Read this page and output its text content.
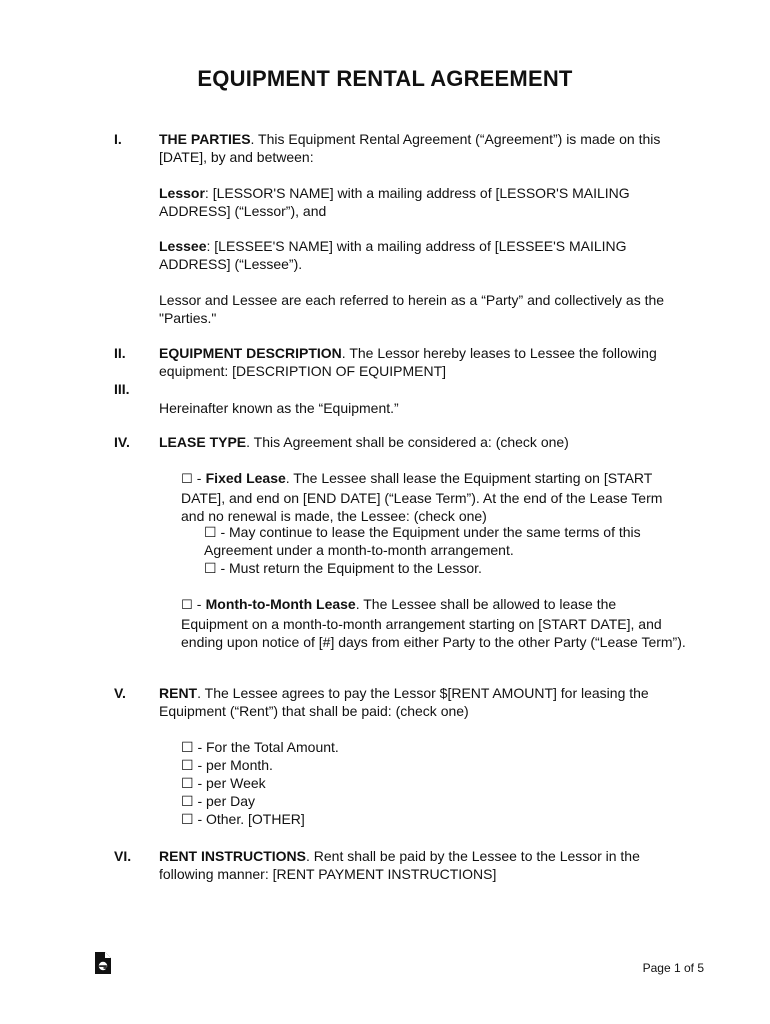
EQUIPMENT RENTAL AGREEMENT
I.	THE PARTIES. This Equipment Rental Agreement (“Agreement”) is made on this [DATE], by and between:
Lessor: [LESSOR'S NAME] with a mailing address of [LESSOR'S MAILING ADDRESS] (“Lessor”), and
Lessee: [LESSEE'S NAME] with a mailing address of [LESSEE'S MAILING ADDRESS] (“Lessee”).
Lessor and Lessee are each referred to herein as a “Party” and collectively as the "Parties."
II.
III.
EQUIPMENT DESCRIPTION. The Lessor hereby leases to Lessee the following equipment: [DESCRIPTION OF EQUIPMENT]
Hereinafter known as the “Equipment.”
IV. LEASE TYPE. This Agreement shall be considered a: (check one)
☐ - Fixed Lease. The Lessee shall lease the Equipment starting on [START DATE], and end on [END DATE] (“Lease Term”). At the end of the Lease Term and no renewal is made, the Lessee: (check one)
☐ - May continue to lease the Equipment under the same terms of this Agreement under a month-to-month arrangement.
☐ - Must return the Equipment to the Lessor.
☐ - Month-to-Month Lease. The Lessee shall be allowed to lease the Equipment on a month-to-month arrangement starting on [START DATE], and ending upon notice of [#] days from either Party to the other Party (“Lease Term”).
V. RENT. The Lessee agrees to pay the Lessor $[RENT AMOUNT] for leasing the Equipment (“Rent”) that shall be paid: (check one)
☐ - For the Total Amount.
☐ - per Month.
☐ - per Week
☐ - per Day
☐ - Other. [OTHER]
VI. RENT INSTRUCTIONS. Rent shall be paid by the Lessee to the Lessor in the following manner: [RENT PAYMENT INSTRUCTIONS]
Page 1 of 5
